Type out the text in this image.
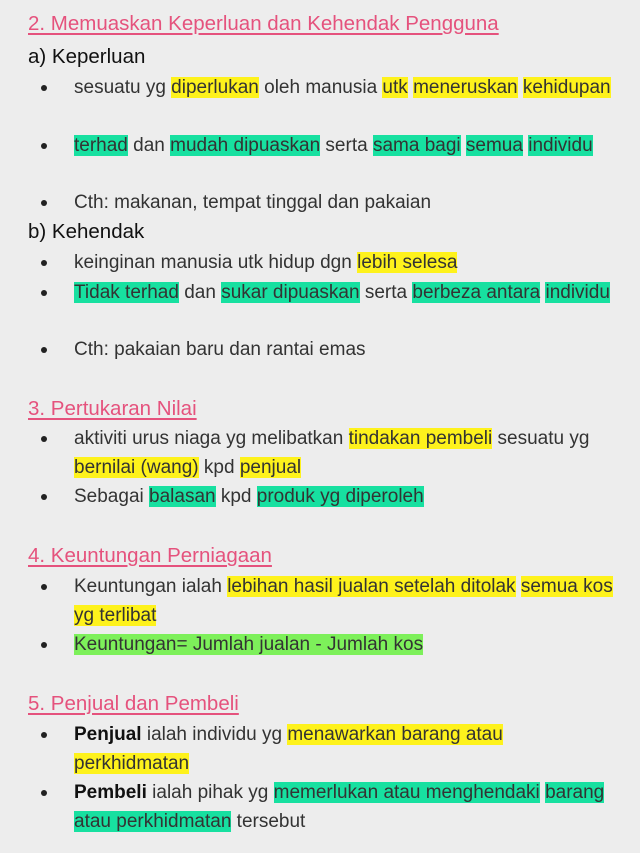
2. Memuaskan Keperluan dan Kehendak Pengguna
a) Keperluan
sesuatu yg diperlukan oleh manusia utk meneruskan kehidupan
terhad dan mudah dipuaskan serta sama bagi semua individu
Cth: makanan, tempat tinggal dan pakaian
b) Kehendak
keinginan manusia utk hidup dgn lebih selesa
Tidak terhad dan sukar dipuaskan serta berbeza antara individu
Cth: pakaian baru dan rantai emas
3. Pertukaran Nilai
aktiviti urus niaga yg melibatkan tindakan pembeli sesuatu yg bernilai (wang) kpd penjual
Sebagai balasan kpd produk yg diperoleh
4. Keuntungan Perniagaan
Keuntungan ialah lebihan hasil jualan setelah ditolak semua kos yg terlibat
Keuntungan= Jumlah jualan - Jumlah kos
5. Penjual dan Pembeli
Penjual ialah individu yg menawarkan barang atau perkhidmatan
Pembeli ialah pihak yg memerlukan atau menghendaki barang atau perkhidmatan tersebut
